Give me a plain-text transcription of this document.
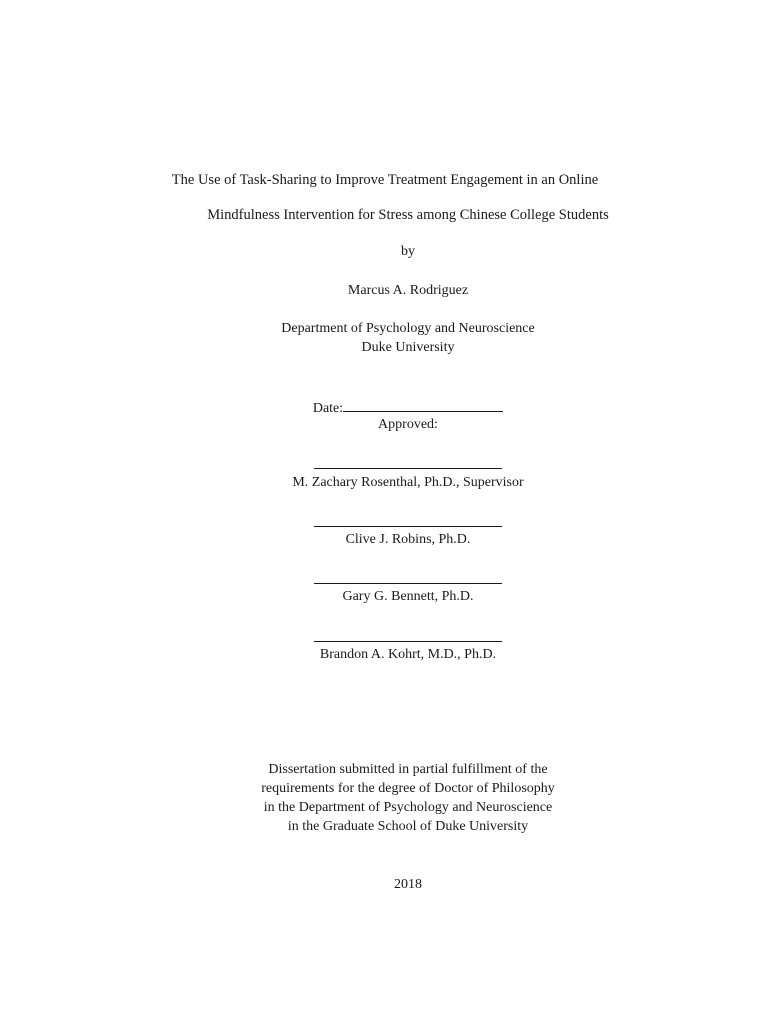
The Use of Task-Sharing to Improve Treatment Engagement in an Online
Mindfulness Intervention for Stress among Chinese College Students
by
Marcus A. Rodriguez
Department of Psychology and Neuroscience
Duke University
Date:
Approved:
M. Zachary Rosenthal, Ph.D., Supervisor
Clive J. Robins, Ph.D.
Gary G. Bennett, Ph.D.
Brandon A. Kohrt, M.D., Ph.D.
Dissertation submitted in partial fulfillment of the
requirements for the degree of Doctor of Philosophy
in the Department of Psychology and Neuroscience
in the Graduate School of Duke University
2018
